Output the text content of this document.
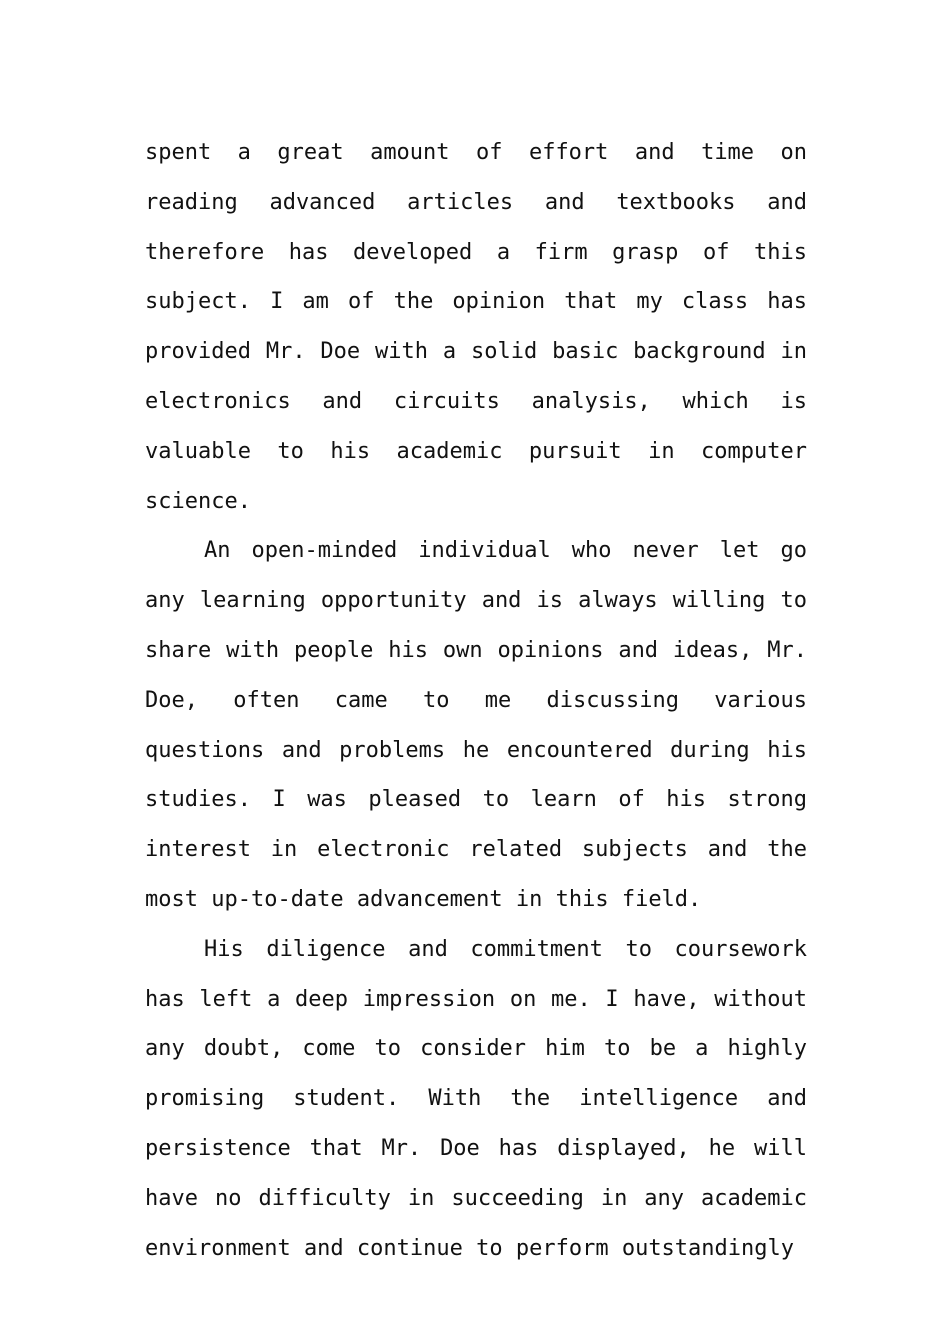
spent a great amount of effort and time on reading advanced articles and textbooks and therefore has developed a firm grasp of this subject. I am of the opinion that my class has provided Mr. Doe with a solid basic background in electronics and circuits analysis, which is valuable to his academic pursuit in computer science.

An open-minded individual who never let go any learning opportunity and is always willing to share with people his own opinions and ideas, Mr. Doe, often came to me discussing various questions and problems he encountered during his studies. I was pleased to learn of his strong interest in electronic related subjects and the most up-to-date advancement in this field.

His diligence and commitment to coursework has left a deep impression on me. I have, without any doubt, come to consider him to be a highly promising student. With the intelligence and persistence that Mr. Doe has displayed, he will have no difficulty in succeeding in any academic environment and continue to perform outstandingly
